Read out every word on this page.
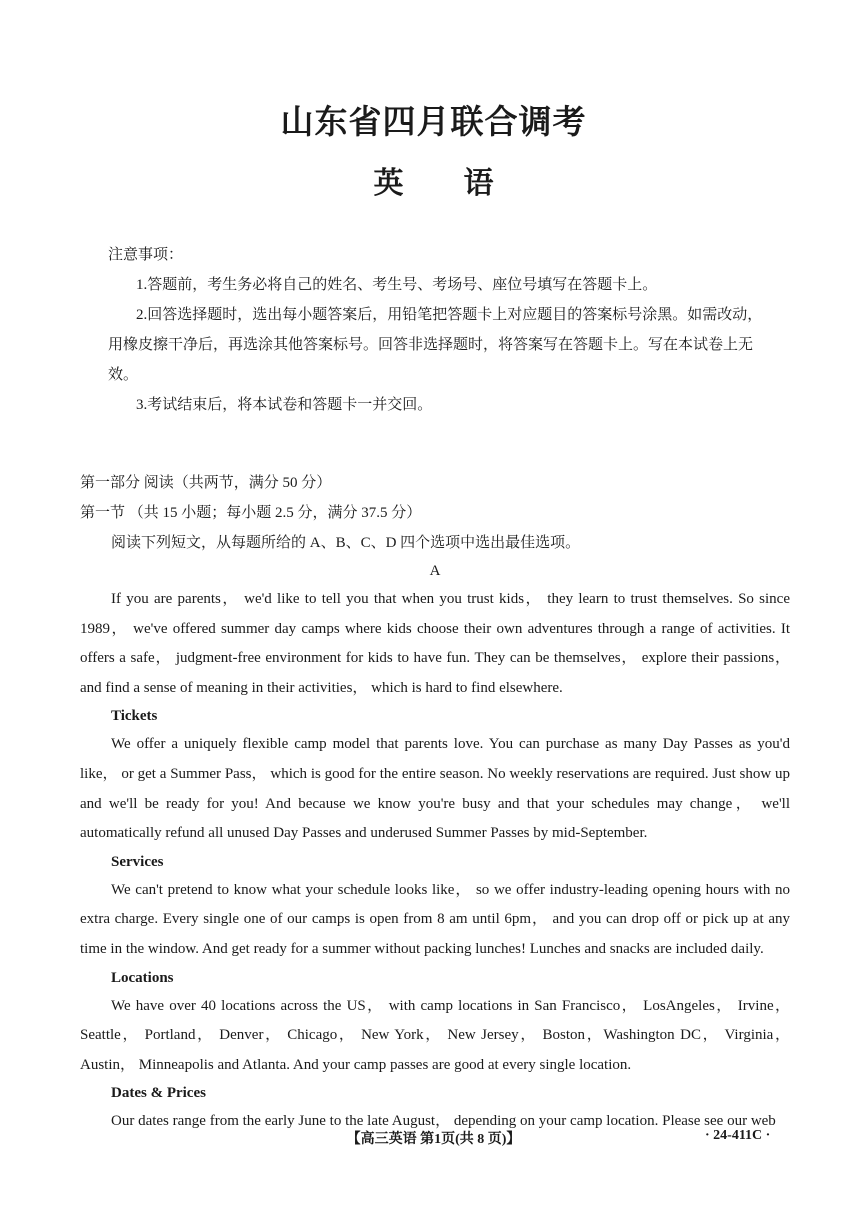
山东省四月联合调考
英语

注意事项：

1.答题前，考生务必将自己的姓名、考生号、考场号、座位号填写在答题卡上。

2.回答选择题时，选出每小题答案后，用铅笔把答题卡上对应题目的答案标号涂黑。如需改动，用橡皮擦干净后，再选涂其他答案标号。回答非选择题时，将答案写在答题卡上。写在本试卷上无效。

3.考试结束后，将本试卷和答题卡一并交回。

第一部分 阅读（共两节，满分 50 分）

第一节 （共 15 小题；每小题 2.5 分，满分 37.5 分）

阅读下列短文，从每题所给的 A、B、C、D 四个选项中选出最佳选项。

A

If you are parents， we'd like to tell you that when you trust kids， they learn to trust themselves. So since 1989， we've offered summer day camps where kids choose their own adventures through a range of activities. It offers a safe， judgment-free environment for kids to have fun. They can be themselves， explore their passions， and find a sense of meaning in their activities， which is hard to find elsewhere.

Tickets

We offer a uniquely flexible camp model that parents love. You can purchase as many Day Passes as you'd like， or get a Summer Pass， which is good for the entire season. No weekly reservations are required. Just show up and we'll be ready for you! And because we know you're busy and that your schedules may change， we'll automatically refund all unused Day Passes and underused Summer Passes by mid-September.

Services

We can't pretend to know what your schedule looks like， so we offer industry-leading opening hours with no extra charge. Every single one of our camps is open from 8 am until 6pm， and you can drop off or pick up at any time in the window. And get ready for a summer without packing lunches! Lunches and snacks are included daily.

Locations

We have over 40 locations across the US， with camp locations in San Francisco， LosAngeles， Irvine， Seattle， Portland， Denver， Chicago， New York， New Jersey， Boston，Washington DC， Virginia， Austin， Minneapolis and Atlanta. And your camp passes are good at every single location.

Dates & Prices

Our dates range from the early June to the late August， depending on your camp location. Please see our web

【高三英语 第1页(共 8 页)】	· 24-411C ·
